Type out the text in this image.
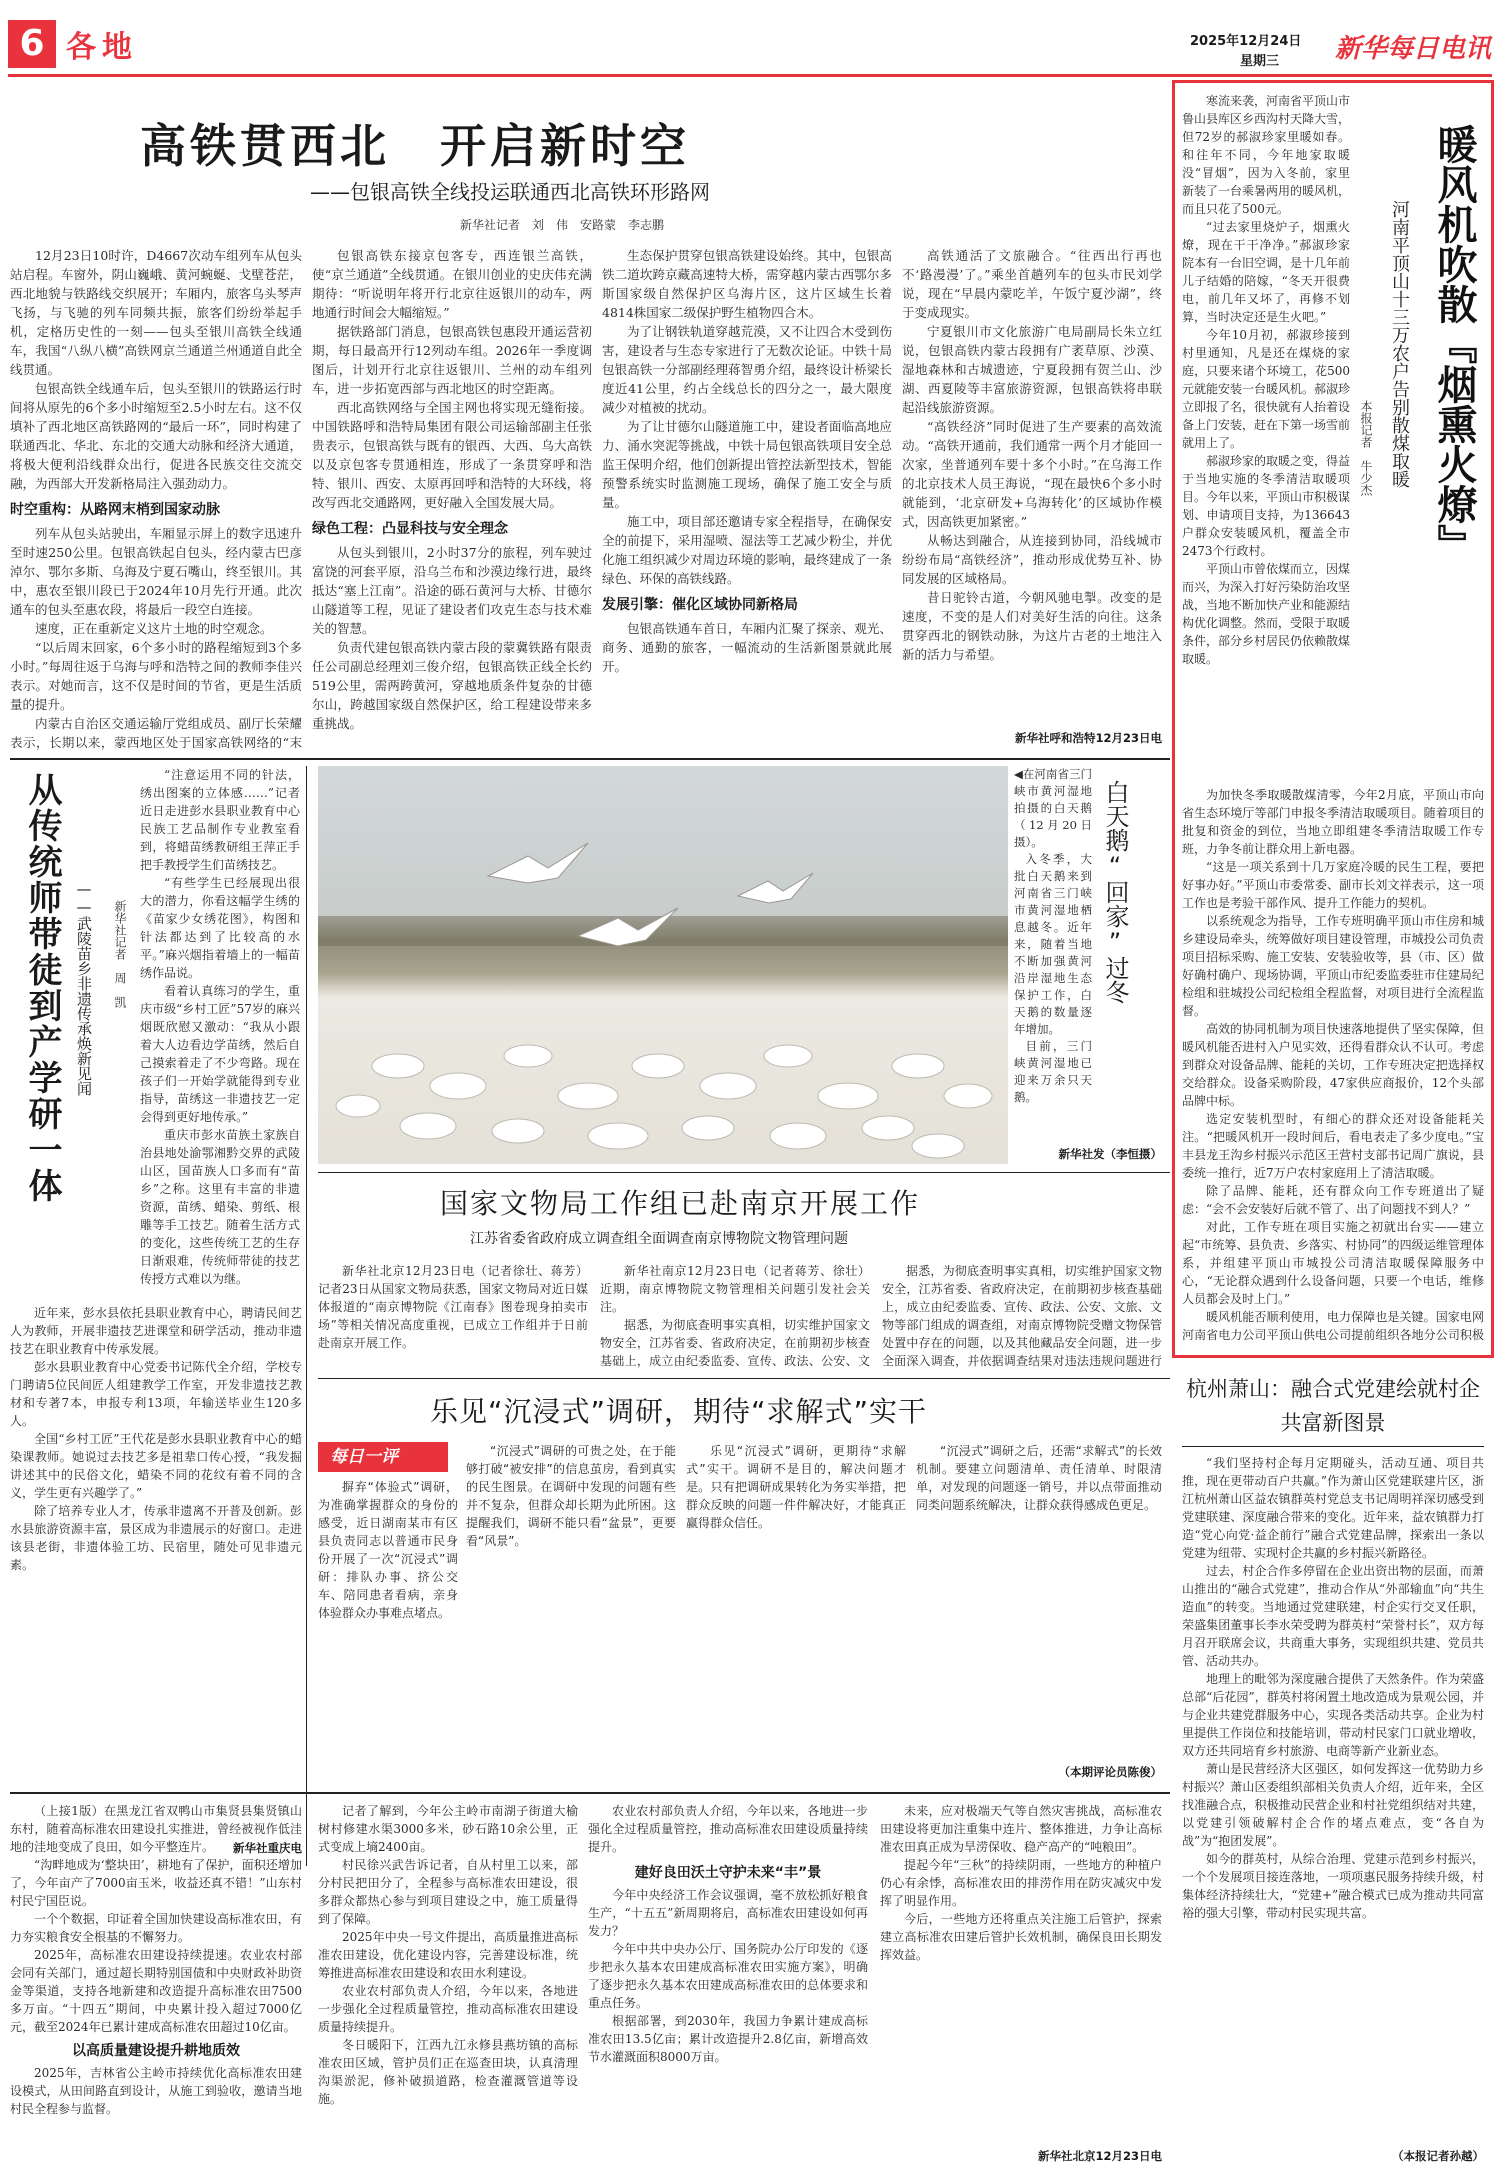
6 各地	2025年12月24日
星期三 新华每日电讯
高铁贯西北　开启新时空
——包银高铁全线投运联通西北高铁环形路网
新华社记者　刘　伟　安路蒙　李志鹏

12月23日10时许，D4667次动车组列车从包头站启程。车窗外，阴山巍峨、黄河蜿蜒、戈壁苍茫，西北地貌与铁路线交织展开；车厢内，旅客乌头琴声飞扬，与飞驰的列车同频共振，旅客们纷纷举起手机，定格历史性的一刻——包头至银川高铁全线通车，我国“八纵八横”高铁网京兰通道兰州通道自此全线贯通。

包银高铁全线通车后，包头至银川的铁路运行时间将从原先的6个多小时缩短至2.5小时左右。这不仅填补了西北地区高铁路网的“最后一环”，同时构建了联通西北、华北、东北的交通大动脉和经济大通道，将极大便利沿线群众出行，促进各民族交往交流交融，为西部大开发新格局注入强劲动力。

时空重构：从路网末梢到国家动脉

列车从包头站驶出，车厢显示屏上的数字迅速升至时速250公里。包银高铁起自包头，经内蒙古巴彦淖尔、鄂尔多斯、乌海及宁夏石嘴山，终至银川。其中，惠农至银川段已于2024年10月先行开通。此次通车的包头至惠农段，将最后一段空白连接。

速度，正在重新定义这片土地的时空观念。

“以后周末回家，6个多小时的路程缩短到3个多小时。”每周往返于乌海与呼和浩特之间的教师李佳兴表示。对她而言，这不仅是时间的节省，更是生活质量的提升。

内蒙古自治区交通运输厅党组成员、副厅长荣耀表示，长期以来，蒙西地区处于国家高铁网络的“末

包银高铁东接京包客专，西连银兰高铁，使“京兰通道”全线贯通。在银川创业的史庆伟充满期待：“听说明年将开行北京往返银川的动车，两地通行时间会大幅缩短。”

据铁路部门消息，包银高铁包惠段开通运营初期，每日最高开行12列动车组。2026年一季度调图后，计划开行北京往返银川、兰州的动车组列车，进一步拓宽西部与西北地区的时空距离。

西北高铁网络与全国主网也将实现无缝衔接。中国铁路呼和浩特局集团有限公司运输部副主任张贵表示，包银高铁与既有的银西、大西、乌大高铁以及京包客专贯通相连，形成了一条贯穿呼和浩特、银川、西安、太原再回呼和浩特的大环线，将改写西北交通路网，更好融入全国发展大局。

绿色工程：凸显科技与安全理念

从包头到银川，2小时37分的旅程，列车驶过富饶的河套平原，沿乌兰布和沙漠边缘行进，最终抵达“塞上江南”。沿途的砾石黄河与大桥、甘德尔山隧道等工程，见证了建设者们攻克生态与技术难关的智慧。

负责代建包银高铁内蒙古段的蒙冀铁路有限责任公司副总经理刘三俊介绍，包银高铁正线全长约519公里，需两跨黄河，穿越地质条件复杂的甘德尔山，跨越国家级自然保护区，给工程建设带来多重挑战。

生态保护贯穿包银高铁建设始终。其中，包银高铁二道坎跨京藏高速特大桥，需穿越内蒙古西鄂尔多斯国家级自然保护区乌海片区，这片区域生长着4814株国家二级保护野生植物四合木。

为了让钢铁轨道穿越荒漠，又不让四合木受到伤害，建设者与生态专家进行了无数次论证。中铁十局包银高铁一分部副经理蒋智勇介绍，最终设计桥梁长度近41公里，约占全线总长的四分之一，最大限度减少对植被的扰动。

为了让甘德尔山隧道施工中，建设者面临高地应力、涌水突泥等挑战，中铁十局包银高铁项目安全总监王保明介绍，他们创新提出管控法新型技术，智能预警系统实时监测施工现场，确保了施工安全与质量。

施工中，项目部还邀请专家全程指导，在确保安全的前提下，采用湿喷、湿法等工艺减少粉尘，并优化施工组织减少对周边环境的影响，最终建成了一条绿色、环保的高铁线路。

发展引擎：催化区域协同新格局

包银高铁通车首日，车厢内汇聚了探亲、观光、商务、通勤的旅客，一幅流动的生活新图景就此展开。

高铁通活了文旅融合。“往西出行再也不‘路漫漫’了。”乘坐首趟列车的包头市民刘学说，现在“早晨内蒙吃羊，午饭宁夏沙湖”，终于变成现实。

宁夏银川市文化旅游广电局副局长朱立红说，包银高铁内蒙古段拥有广袤草原、沙漠、湿地森林和古城遗迹，宁夏段拥有贺兰山、沙湖、西夏陵等丰富旅游资源，包银高铁将串联起沿线旅游资源。

“高铁经济”同时促进了生产要素的高效流动。“高铁开通前，我们通常一两个月才能回一次家，坐普通列车要十多个小时。”在乌海工作的北京技术人员王海说，“现在最快6个多小时就能到，‘北京研发+乌海转化’的区域协作模式，因高铁更加紧密。”

从畅达到融合，从连接到协同，沿线城市纷纷布局“高铁经济”，推动形成优势互补、协同发展的区域格局。

昔日驼铃古道，今朝风驰电掣。改变的是速度，不变的是人们对美好生活的向往。这条贯穿西北的钢铁动脉，为这片古老的土地注入新的活力与希望。

新华社呼和浩特12月23日电
从传统师带徒到产学研一体 ——武陵苗乡非遗传承焕新见闻 新华社记者　周　凯

“注意运用不同的针法，绣出图案的立体感……”记者近日走进彭水县职业教育中心民族工艺品制作专业教室看到，将蜡苗绣教研组王萍正手把手教授学生们苗绣技艺。

“有些学生已经展现出很大的潜力，你看这幅学生绣的《苗家少女绣花图》，构图和针法都达到了比较高的水平。”麻兴烟指着墙上的一幅苗绣作品说。

看着认真练习的学生，重庆市级“乡村工匠”57岁的麻兴烟既欣慰又激动：“我从小跟着大人边看边学苗绣，然后自己摸索着走了不少弯路。现在孩子们一开始学就能得到专业指导，苗绣这一非遗技艺一定会得到更好地传承。”

重庆市彭水苗族土家族自治县地处渝鄂湘黔交界的武陵山区，国苗族人口多而有“苗乡”之称。这里有丰富的非遗资源，苗绣、蜡染、剪纸、根雕等手工技艺。随着生活方式的变化，这些传统工艺的生存日渐艰难，传统师带徒的技艺传授方式难以为继。

近年来，彭水县依托县职业教育中心，聘请民间艺人为教师，开展非遗技艺进课堂和研学活动，推动非遗技艺在职业教育中传承发展。

彭水县职业教育中心党委书记陈代全介绍，学校专门聘请5位民间匠人组建教学工作室，开发非遗技艺教材和专著7本，申报专利13项，年输送毕业生120多人。

全国“乡村工匠”王代花是彭水县职业教育中心的蜡染课教师。她说过去技艺多是祖辈口传心授，“我发掘讲述其中的民俗文化，蜡染不同的花纹有着不同的含义，学生更有兴趣学了。”

除了培养专业人才，传承非遗离不开普及创新。彭水县旅游资源丰富，景区成为非遗展示的好窗口。走进该县老街，非遗体验工坊、民宿里，随处可见非遗元素。

新华社重庆电
白天鹅“回家”过冬

◀在河南省三门峡市黄河湿地拍摄的白天鹅（12月20日摄）。

入冬季，大批白天鹅来到河南省三门峡市黄河湿地栖息越冬。近年来，随着当地不断加强黄河沿岸湿地生态保护工作，白天鹅的数量逐年增加。

目前，三门峡黄河湿地已迎来万余只天鹅。

新华社发（李恒摄）
国家文物局工作组已赴南京开展工作
江苏省委省政府成立调查组全面调查南京博物院文物管理问题

新华社北京12月23日电（记者徐壮、蒋芳）记者23日从国家文物局获悉，国家文物局对近日媒体报道的“南京博物院《江南春》图卷现身拍卖市场”等相关情况高度重视，已成立工作组并于日前赴南京开展工作。

新华社南京12月23日电（记者蒋芳、徐壮）近期，南京博物院文物管理相关问题引发社会关注。

据悉，为彻底查明事实真相，切实维护国家文物安全，江苏省委、省政府决定，在前期初步核查基础上，成立由纪委监委、宣传、政法、公安、文

据悉，为彻底查明事实真相，切实维护国家文物安全，江苏省委、省政府决定，在前期初步核查基础上，成立由纪委监委、宣传、政法、公安、文旅、文物等部门组成的调查组，对南京博物院受赠文物保管处置中存在的问题，以及其他藏品安全问题，进一步全面深入调查，并依据调查结果对违法违规问题进行

乐见“沉浸式”调研，期待“求解式”实干
每日一评

摒弃“体验式”调研，为准确掌握群众的身份的感受，近日湖南某市有区县负责同志以普通市民身份开展了一次“沉浸式”调研：排队办事、挤公交车、陪同患者看病，亲身体验群众办事难点堵点。

“沉浸式”调研的可贵之处，在于能够打破“被安排”的信息茧房，看到真实的民生图景。在调研中发现的问题有些并不复杂，但群众却长期为此所困。这提醒我们，调研不能只看“盆景”，更要看“风景”。

乐见“沉浸式”调研，更期待“求解式”实干。调研不是目的，解决问题才是。只有把调研成果转化为务实举措，把群众反映的问题一件件解决好，才能真正赢得群众信任。

“沉浸式”调研之后，还需“求解式”的长效机制。要建立问题清单、责任清单、时限清单，对发现的问题逐一销号，并以点带面推动同类问题系统解决，让群众获得感成色更足。

（本期评论员陈俊）

（上接1版）在黑龙江省双鸭山市集贤县集贤镇山东村，随着高标准农田建设扎实推进，曾经被视作低洼地的洼地变成了良田，如今平整连片。

“沟畔地成为‘整块田’，耕地有了保护，面积还增加了，今年亩产了7000亩玉米，收益还真不错！”山东村村民宁国臣说。

一个个数据，印证着全国加快建设高标准农田，有力夯实粮食安全根基的不懈努力。

2025年，高标准农田建设持续提速。农业农村部会同有关部门，通过超长期特别国债和中央财政补助资金等渠道，支持各地新建和改造提升高标准农田7500多万亩。“十四五”期间，中央累计投入超过7000亿元，截至2024年已累计建成高标准农田超过10亿亩。

以高质量建设提升耕地质效

2025年，吉林省公主岭市持续优化高标准农田建设模式，从田间路直到设计，从施工到验收，邀请当地村民全程参与监督。

记者了解到，今年公主岭市南湖子街道大榆树村修建水渠3000多米，砂石路10余公里，正式变成上墒2400亩。

村民徐兴武告诉记者，自从村里工以来，部分村民把田分了，全程参与高标准农田建设，很多群众都热心参与到项目建设之中，施工质量得到了保障。

2025年中央一号文件提出，高质量推进高标准农田建设，优化建设内容，完善建设标准，统筹推进高标准农田建设和农田水利建设。

农业农村部负责人介绍，今年以来，各地进一步强化全过程质量管控，推动高标准农田建设质量持续提升。

冬日暖阳下，江西九江永修县燕坊镇的高标准农田区域，管护员们正在巡查田块，认真清理沟渠淤泥，修补破损道路，检查灌溉管道等设施。

农业农村部负责人介绍，今年以来，各地进一步强化全过程质量管控，推动高标准农田建设质量持续提升。

建好良田沃土守护未来“丰”景

今年中央经济工作会议强调，毫不放松抓好粮食生产，“十五五”新周期将启，高标准农田建设如何再发力？

今年中共中央办公厅、国务院办公厅印发的《逐步把永久基本农田建成高标准农田实施方案》，明确了逐步把永久基本农田建成高标准农田的总体要求和重点任务。

根据部署，到2030年，我国力争累计建成高标准农田13.5亿亩；累计改造提升2.8亿亩，新增高效节水灌溉面积8000万亩。

未来，应对极端天气等自然灾害挑战，高标准农田建设将更加注重集中连片、整体推进，力争让高标准农田真正成为旱涝保收、稳产高产的“吨粮田”。

提起今年“三秋”的持续阴雨，一些地方的种植户仍心有余悸，高标准农田的排涝作用在防灾减灾中发挥了明显作用。

今后，一些地方还将重点关注施工后管护，探索建立高标准农田建后管护长效机制，确保良田长期发挥效益。

新华社北京12月23日电
暖风机吹散『烟熏火燎』
河南平顶山十三万农户告别散煤取暖
本报记者　牛少杰

寒流来袭，河南省平顶山市鲁山县库区乡西沟村天降大雪，但72岁的郝淑珍家里暖如春。和往年不同，今年地家取暖没“冒烟”，因为入冬前，家里新装了一台乘暑两用的暖风机，而且只花了500元。

“过去家里烧炉子，烟熏火燎，现在干干净净。”郝淑珍家院本有一台旧空调，是十几年前儿子结婚的陪嫁，“冬天开很费电，前几年又坏了，再修不划算，当时决定还是生火吧。”

今年10月初，郝淑珍接到村里通知，凡是还在煤烧的家庭，只要来诸个环境工，花500元就能安装一台暖风机。郝淑珍立即报了名，很快就有人抬着设备上门安装，赶在下第一场雪前就用上了。

郝淑珍家的取暖之变，得益于当地实施的冬季清洁取暖项目。今年以来，平顶山市积极谋划、申请项目支持，为136643户群众安装暖风机，覆盖全市2473个行政村。

平顶山市曾依煤而立，因煤而兴，为深入打好污染防治攻坚战，当地不断加快产业和能源结构优化调整。然而，受限于取暖条件，部分乡村居民仍依赖散煤取暖。

为加快冬季取暖散煤清零，今年2月底，平顶山市向省生态环境厅等部门申报冬季清洁取暖项目。随着项目的批复和资金的到位，当地立即组建冬季清洁取暖工作专班，力争冬前让群众用上新电器。

“这是一项关系到十几万家庭冷暖的民生工程，要把好事办好。”平顶山市委常委、副市长刘文祥表示，这一项工作也是考验干部作风、提升工作能力的契机。

以系统观念为指导，工作专班明确平顶山市住房和城乡建设局牵头，统筹做好项目建设管理，市城投公司负责项目招标采购、施工安装、安装验收等，县（市、区）做好确村确户、现场协调，平顶山市纪委监委驻市住建局纪检组和驻城投公司纪检组全程监督，对项目进行全流程监督。

高效的协同机制为项目快速落地提供了坚实保障，但暖风机能否进村入户见实效，还得看群众认不认可。考虑到群众对设备品牌、能耗的关切，工作专班决定把选择权交给群众。设备采购阶段，47家供应商报价，12个头部品牌中标。

选定安装机型时，有细心的群众还对设备能耗关注。“把暖风机开一段时间后，看电表走了多少度电。”宝丰县龙王沟乡村振兴示范区王营村支部书记周广旗说，县委统一推行，近7万户农村家庭用上了清洁取暖。

除了品牌、能耗，还有群众向工作专班道出了疑虑：“会不会安装好后就不管了、出了问题找不到人？”

对此，工作专班在项目实施之初就出台实——建立起“市统筹、县负责、乡落实、村协同”的四级运维管理体系，并组建平顶山市城投公司清洁取暖保障服务中心，“无论群众遇到什么设备问题，只要一个电话，维修人员都会及时上门。”

暖风机能否顺利使用，电力保障也是关键。国家电网河南省电力公司平顶山供电公司提前组织各地分公司积极

杭州萧山：融合式党建绘就村企共富新图景

“我们坚持村企每月定期碰头，活动互通、项目共推，现在更带动百户共赢。”作为萧山区党建联建片区，浙江杭州萧山区益农镇群英村党总支书记周明祥深切感受到党建联建、深度融合带来的变化。近年来，益农镇群力打造“党心向党·益企前行”融合式党建品牌，探索出一条以党建为纽带、实现村企共赢的乡村振兴新路径。

过去，村企合作多停留在企业出资出物的层面，而萧山推出的“融合式党建”，推动合作从“外部输血”向“共生造血”的转变。当地通过党建联建，村企实行交叉任职，荣盛集团董事长李水荣受聘为群英村“荣誉村长”，双方每月召开联席会议，共商重大事务，实现组织共建、党员共管、活动共办。

地理上的毗邻为深度融合提供了天然条件。作为荣盛总部“后花园”，群英村将闲置土地改造成为景观公园，并与企业共建党群服务中心，实现各类活动共享。企业为村里提供工作岗位和技能培训，带动村民家门口就业增收，双方还共同培育乡村旅游、电商等新产业新业态。

萧山是民营经济大区强区，如何发挥这一优势助力乡村振兴？萧山区委组织部相关负责人介绍，近年来，全区找准融合点，积极推动民营企业和村社党组织结对共建，以党建引领破解村企合作的堵点难点，变“各自为战”为“抱团发展”。

如今的群英村，从综合治理、党建示范到乡村振兴，一个个发展项目接连落地，一项项惠民服务持续升级，村集体经济持续壮大，“党建+”融合模式已成为推动共同富裕的强大引擎，带动村民实现共富。

（本报记者孙越）
